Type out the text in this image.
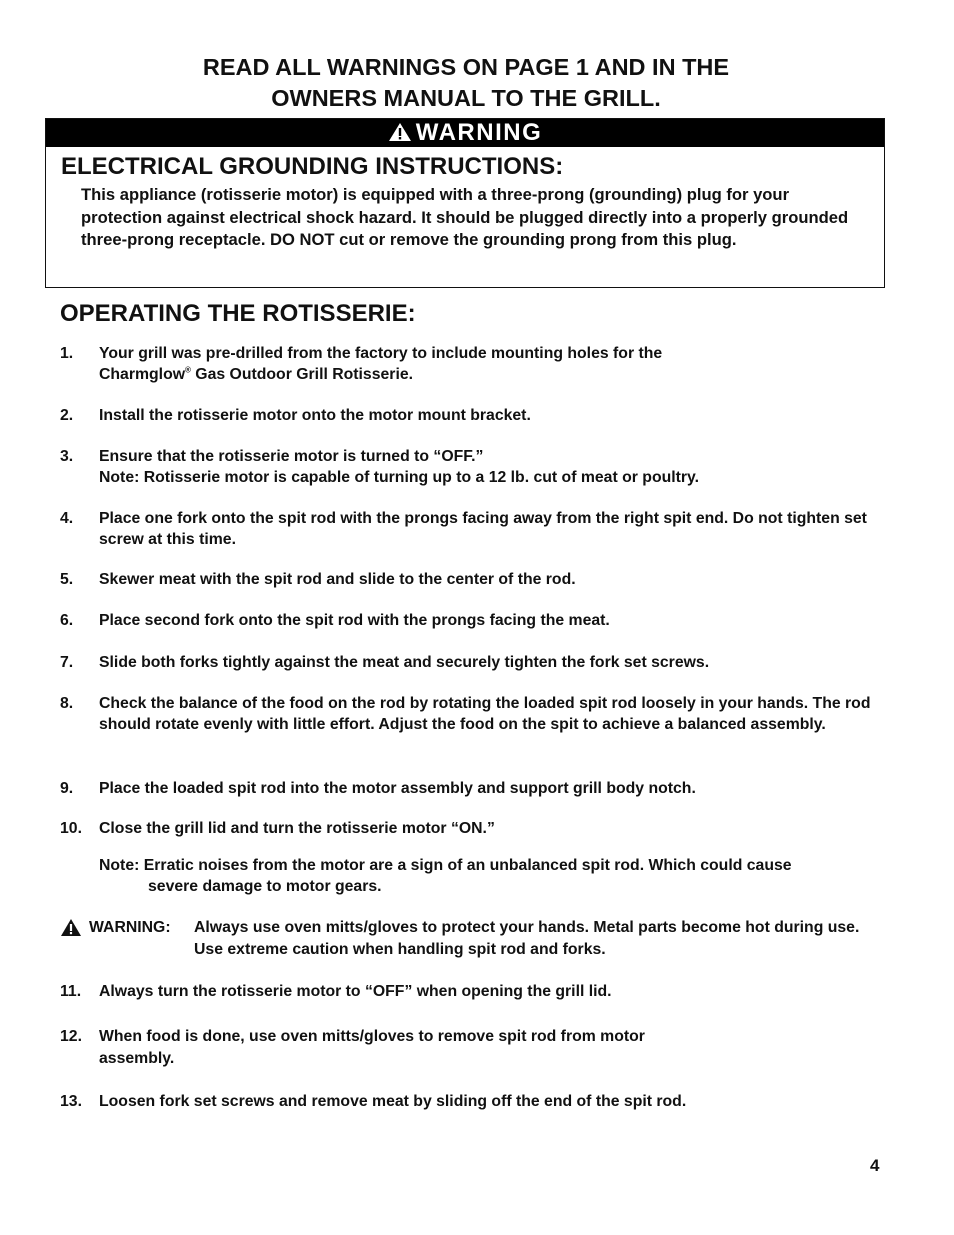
READ ALL WARNINGS ON PAGE 1 AND IN THE
OWNERS MANUAL TO THE GRILL.
WARNING
ELECTRICAL GROUNDING INSTRUCTIONS:
This appliance (rotisserie motor) is equipped with a three-prong (grounding) plug for your protection against electrical shock hazard. It should be plugged directly into a properly grounded three-prong receptacle. DO NOT cut or remove the grounding prong from this plug.
OPERATING THE ROTISSERIE:
1. Your grill was pre-drilled from the factory to include mounting holes for the
Charmglow® Gas Outdoor Grill Rotisserie.
2. Install the rotisserie motor onto the motor mount bracket.
3. Ensure that the rotisserie motor is turned to “OFF.”
Note: Rotisserie motor is capable of turning up to a 12 lb. cut of meat or poultry.
4. Place one fork onto the spit rod with the prongs facing away from the right spit end. Do not tighten set screw at this time.
5. Skewer meat with the spit rod and slide to the center of the rod.
6. Place second fork onto the spit rod with the prongs facing the meat.
7. Slide both forks tightly against the meat and securely tighten the fork set screws.
8. Check the balance of the food on the rod by rotating the loaded spit rod loosely in your hands. The rod should rotate evenly with little effort. Adjust the food on the spit to achieve a balanced assembly.
9. Place the loaded spit rod into the motor assembly and support grill body notch.
10. Close the grill lid and turn the rotisserie motor “ON.”
Note: Erratic noises from the motor are a sign of an unbalanced spit rod. Which could cause
severe damage to motor gears.
WARNING: Always use oven mitts/gloves to protect your hands. Metal parts become hot during use. Use extreme caution when handling spit rod and forks.
11. Always turn the rotisserie motor to “OFF” when opening the grill lid.
12. When food is done, use oven mitts/gloves to remove spit rod from motor
assembly.
13. Loosen fork set screws and remove meat by sliding off the end of the spit rod.
4
